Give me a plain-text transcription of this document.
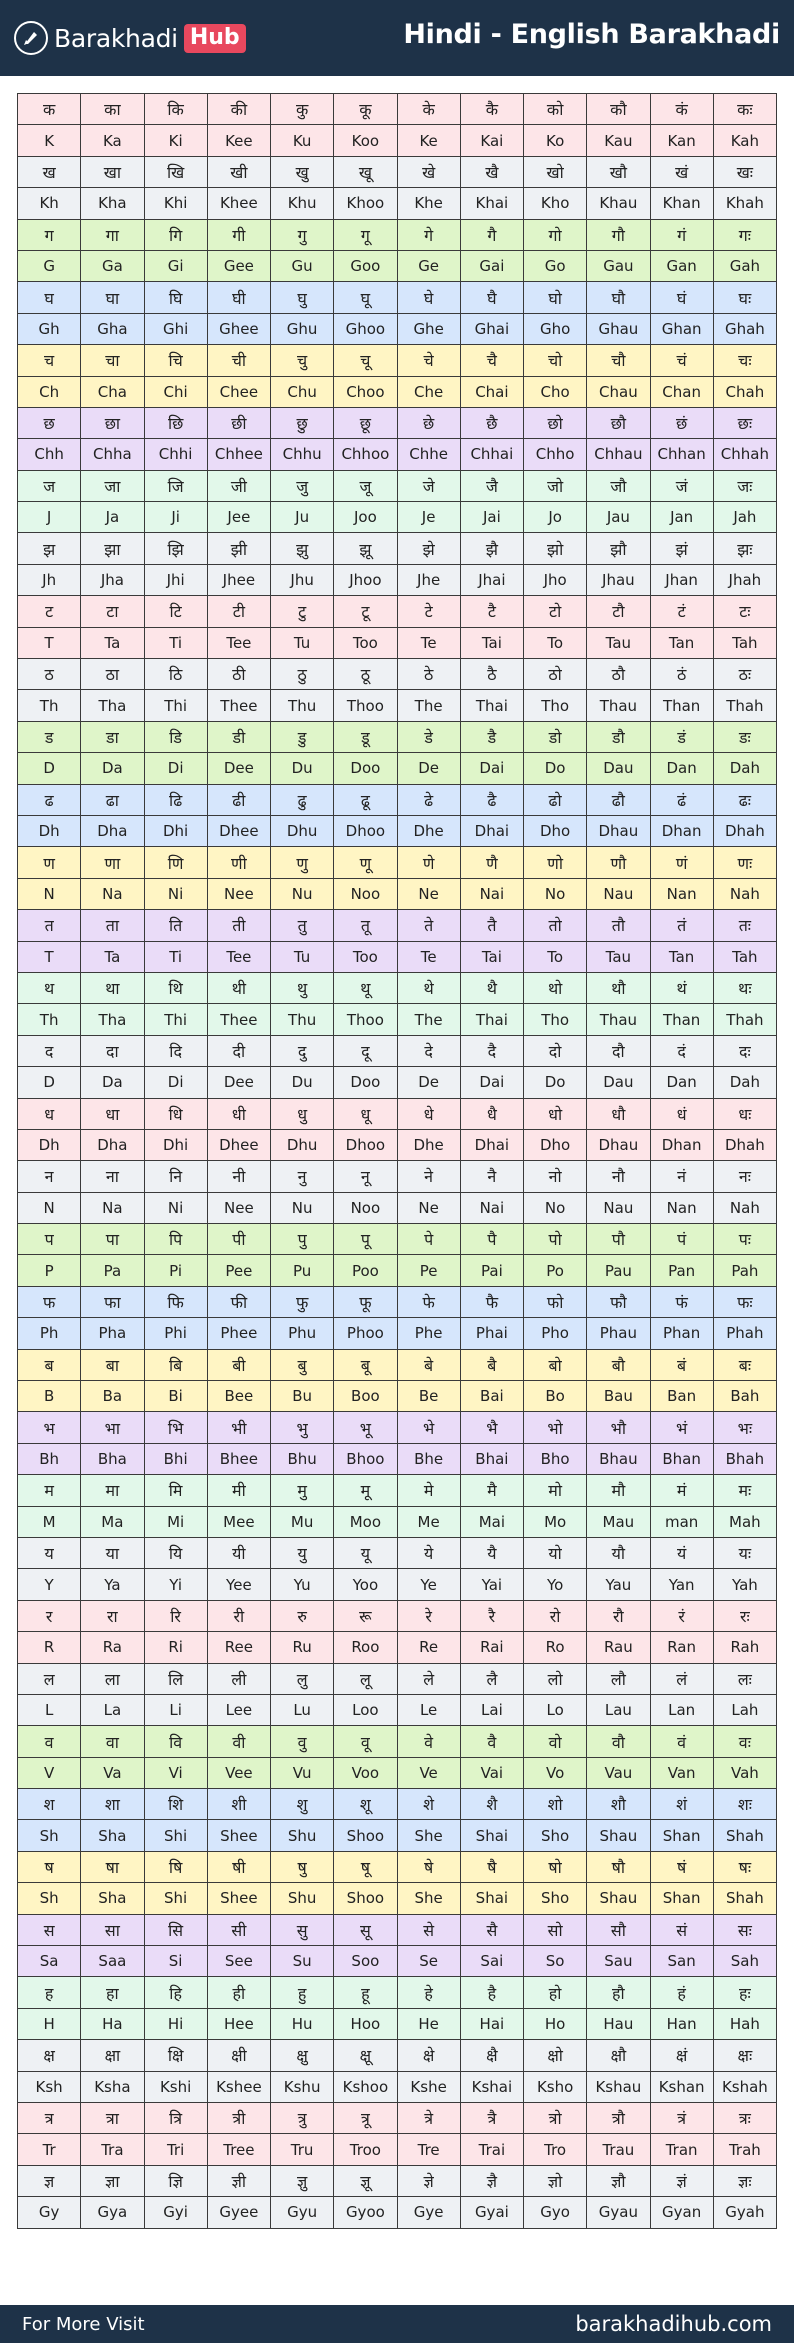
Barakhadi Hub	Hindi - English Barakhadi
क	का	कि	की	कु	कू	के	कै	को	कौ	कं	कः
K	Ka	Ki	Kee	Ku	Koo	Ke	Kai	Ko	Kau	Kan	Kah
ख	खा	खि	खी	खु	खू	खे	खै	खो	खौ	खं	खः
Kh	Kha	Khi	Khee	Khu	Khoo	Khe	Khai	Kho	Khau	Khan	Khah
ग	गा	गि	गी	गु	गू	गे	गै	गो	गौ	गं	गः
G	Ga	Gi	Gee	Gu	Goo	Ge	Gai	Go	Gau	Gan	Gah
घ	घा	घि	घी	घु	घू	घे	घै	घो	घौ	घं	घः
Gh	Gha	Ghi	Ghee	Ghu	Ghoo	Ghe	Ghai	Gho	Ghau	Ghan	Ghah
च	चा	चि	ची	चु	चू	चे	चै	चो	चौ	चं	चः
Ch	Cha	Chi	Chee	Chu	Choo	Che	Chai	Cho	Chau	Chan	Chah
छ	छा	छि	छी	छु	छू	छे	छै	छो	छौ	छं	छः
Chh	Chha	Chhi	Chhee	Chhu	Chhoo	Chhe	Chhai	Chho	Chhau	Chhan	Chhah
ज	जा	जि	जी	जु	जू	जे	जै	जो	जौ	जं	जः
J	Ja	Ji	Jee	Ju	Joo	Je	Jai	Jo	Jau	Jan	Jah
झ	झा	झि	झी	झु	झू	झे	झै	झो	झौ	झं	झः
Jh	Jha	Jhi	Jhee	Jhu	Jhoo	Jhe	Jhai	Jho	Jhau	Jhan	Jhah
ट	टा	टि	टी	टु	टू	टे	टै	टो	टौ	टं	टः
T	Ta	Ti	Tee	Tu	Too	Te	Tai	To	Tau	Tan	Tah
ठ	ठा	ठि	ठी	ठु	ठू	ठे	ठै	ठो	ठौ	ठं	ठः
Th	Tha	Thi	Thee	Thu	Thoo	The	Thai	Tho	Thau	Than	Thah
ड	डा	डि	डी	डु	डू	डे	डै	डो	डौ	डं	डः
D	Da	Di	Dee	Du	Doo	De	Dai	Do	Dau	Dan	Dah
ढ	ढा	ढि	ढी	ढु	ढू	ढे	ढै	ढो	ढौ	ढं	ढः
Dh	Dha	Dhi	Dhee	Dhu	Dhoo	Dhe	Dhai	Dho	Dhau	Dhan	Dhah
ण	णा	णि	णी	णु	णू	णे	णै	णो	णौ	णं	णः
N	Na	Ni	Nee	Nu	Noo	Ne	Nai	No	Nau	Nan	Nah
त	ता	ति	ती	तु	तू	ते	तै	तो	तौ	तं	तः
T	Ta	Ti	Tee	Tu	Too	Te	Tai	To	Tau	Tan	Tah
थ	था	थि	थी	थु	थू	थे	थै	थो	थौ	थं	थः
Th	Tha	Thi	Thee	Thu	Thoo	The	Thai	Tho	Thau	Than	Thah
द	दा	दि	दी	दु	दू	दे	दै	दो	दौ	दं	दः
D	Da	Di	Dee	Du	Doo	De	Dai	Do	Dau	Dan	Dah
ध	धा	धि	धी	धु	धू	धे	धै	धो	धौ	धं	धः
Dh	Dha	Dhi	Dhee	Dhu	Dhoo	Dhe	Dhai	Dho	Dhau	Dhan	Dhah
न	ना	नि	नी	नु	नू	ने	नै	नो	नौ	नं	नः
N	Na	Ni	Nee	Nu	Noo	Ne	Nai	No	Nau	Nan	Nah
प	पा	पि	पी	पु	पू	पे	पै	पो	पौ	पं	पः
P	Pa	Pi	Pee	Pu	Poo	Pe	Pai	Po	Pau	Pan	Pah
फ	फा	फि	फी	फु	फू	फे	फै	फो	फौ	फं	फः
Ph	Pha	Phi	Phee	Phu	Phoo	Phe	Phai	Pho	Phau	Phan	Phah
ब	बा	बि	बी	बु	बू	बे	बै	बो	बौ	बं	बः
B	Ba	Bi	Bee	Bu	Boo	Be	Bai	Bo	Bau	Ban	Bah
भ	भा	भि	भी	भु	भू	भे	भै	भो	भौ	भं	भः
Bh	Bha	Bhi	Bhee	Bhu	Bhoo	Bhe	Bhai	Bho	Bhau	Bhan	Bhah
म	मा	मि	मी	मु	मू	मे	मै	मो	मौ	मं	मः
M	Ma	Mi	Mee	Mu	Moo	Me	Mai	Mo	Mau	man	Mah
य	या	यि	यी	यु	यू	ये	यै	यो	यौ	यं	यः
Y	Ya	Yi	Yee	Yu	Yoo	Ye	Yai	Yo	Yau	Yan	Yah
र	रा	रि	री	रु	रू	रे	रै	रो	रौ	रं	रः
R	Ra	Ri	Ree	Ru	Roo	Re	Rai	Ro	Rau	Ran	Rah
ल	ला	लि	ली	लु	लू	ले	लै	लो	लौ	लं	लः
L	La	Li	Lee	Lu	Loo	Le	Lai	Lo	Lau	Lan	Lah
व	वा	वि	वी	वु	वू	वे	वै	वो	वौ	वं	वः
V	Va	Vi	Vee	Vu	Voo	Ve	Vai	Vo	Vau	Van	Vah
श	शा	शि	शी	शु	शू	शे	शै	शो	शौ	शं	शः
Sh	Sha	Shi	Shee	Shu	Shoo	She	Shai	Sho	Shau	Shan	Shah
ष	षा	षि	षी	षु	षू	षे	षै	षो	षौ	षं	षः
Sh	Sha	Shi	Shee	Shu	Shoo	She	Shai	Sho	Shau	Shan	Shah
स	सा	सि	सी	सु	सू	से	सै	सो	सौ	सं	सः
Sa	Saa	Si	See	Su	Soo	Se	Sai	So	Sau	San	Sah
ह	हा	हि	ही	हु	हू	हे	है	हो	हौ	हं	हः
H	Ha	Hi	Hee	Hu	Hoo	He	Hai	Ho	Hau	Han	Hah
क्ष	क्षा	क्षि	क्षी	क्षु	क्षू	क्षे	क्षै	क्षो	क्षौ	क्षं	क्षः
Ksh	Ksha	Kshi	Kshee	Kshu	Kshoo	Kshe	Kshai	Ksho	Kshau	Kshan	Kshah
त्र	त्रा	त्रि	त्री	त्रु	त्रू	त्रे	त्रै	त्रो	त्रौ	त्रं	त्रः
Tr	Tra	Tri	Tree	Tru	Troo	Tre	Trai	Tro	Trau	Tran	Trah
ज्ञ	ज्ञा	ज्ञि	ज्ञी	ज्ञु	ज्ञू	ज्ञे	ज्ञै	ज्ञो	ज्ञौ	ज्ञं	ज्ञः
Gy	Gya	Gyi	Gyee	Gyu	Gyoo	Gye	Gyai	Gyo	Gyau	Gyan	Gyah
For More Visit	barakhadihub.com
